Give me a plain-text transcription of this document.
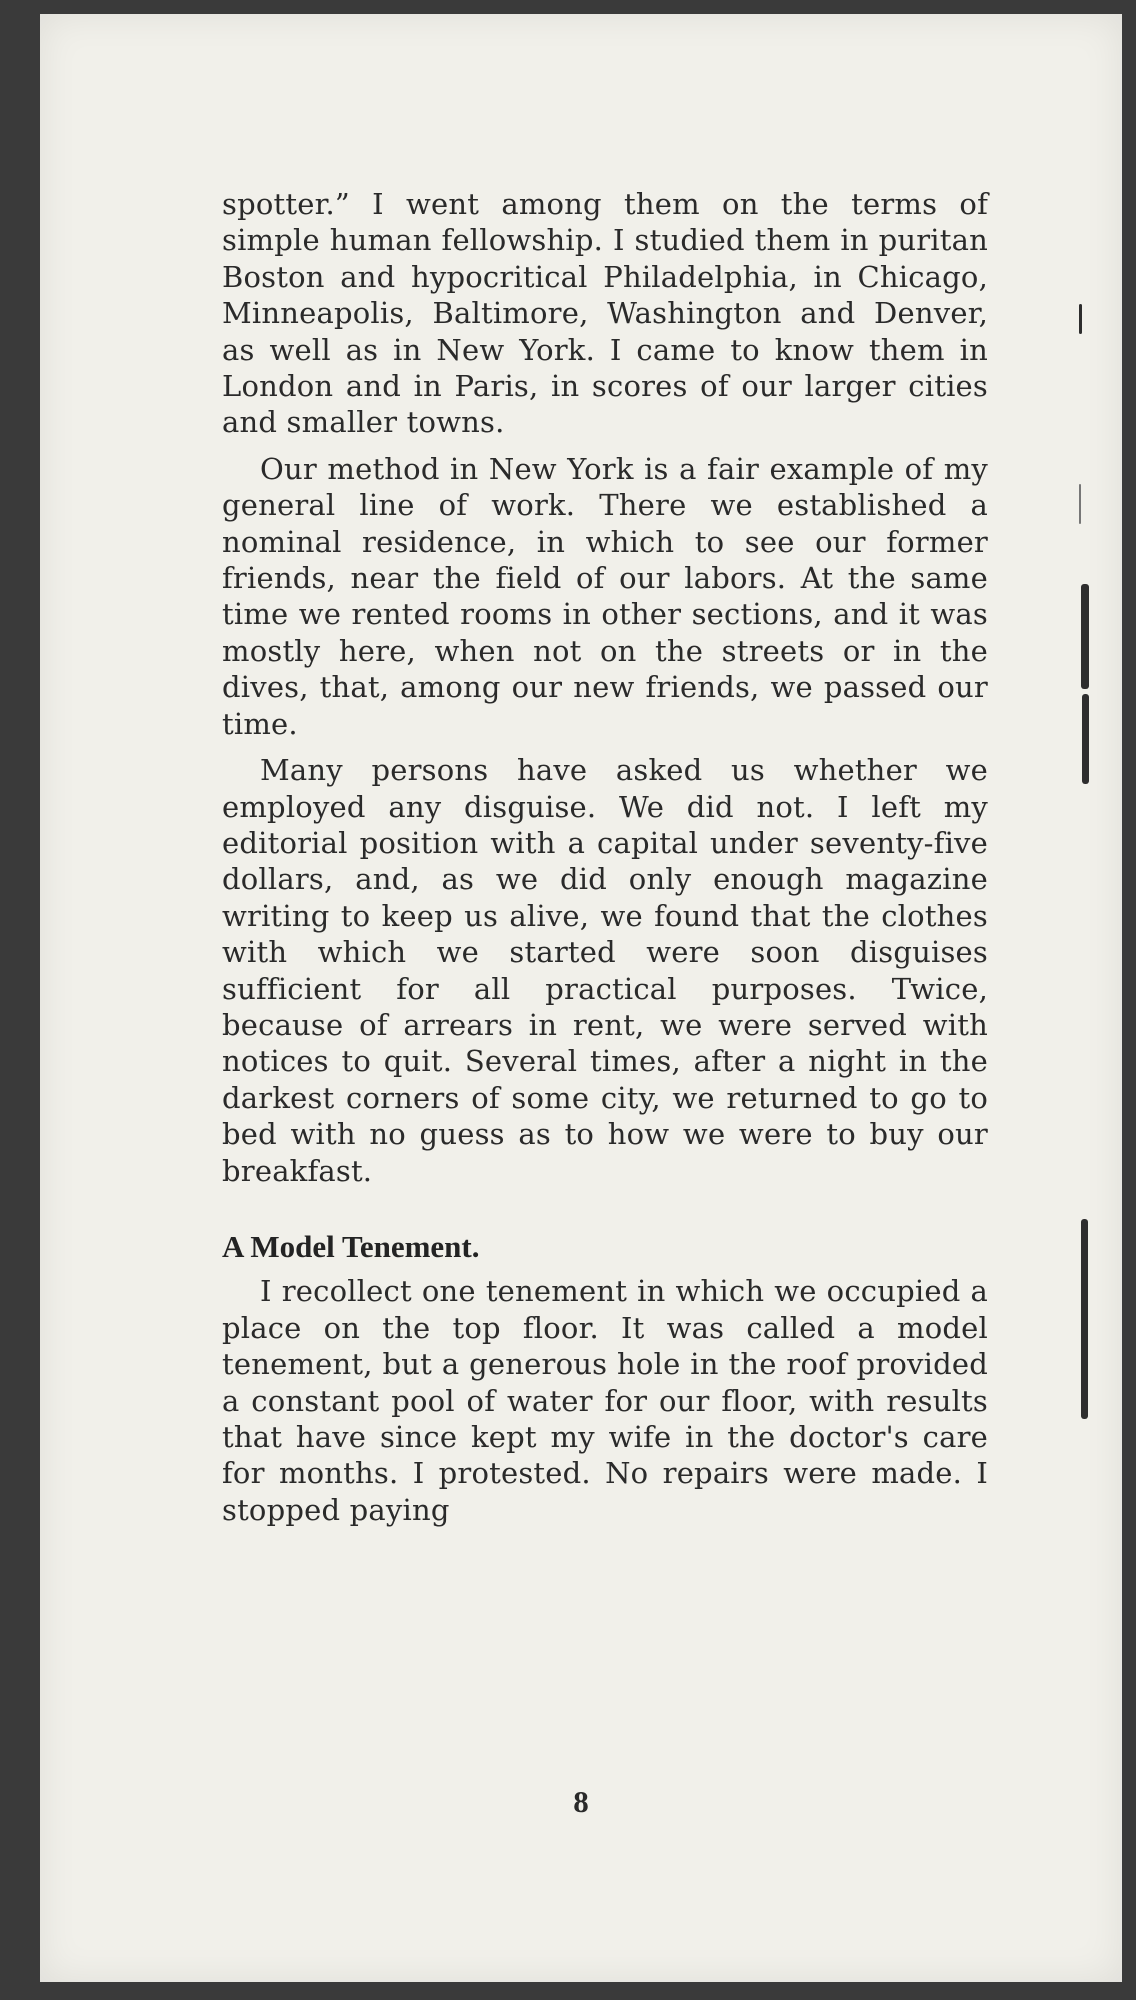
spotter.” I went among them on the terms of simple human fellowship. I studied them in puritan Boston and hypocritical Philadelphia, in Chicago, Minneapolis, Baltimore, Washington and Denver, as well as in New York. I came to know them in London and in Paris, in scores of our larger cities and smaller towns.

Our method in New York is a fair example of my general line of work. There we established a nominal residence, in which to see our former friends, near the field of our labors. At the same time we rented rooms in other sections, and it was mostly here, when not on the streets or in the dives, that, among our new friends, we passed our time.

Many persons have asked us whether we employed any disguise. We did not. I left my editorial position with a capital under seventy-five dollars, and, as we did only enough magazine writing to keep us alive, we found that the clothes with which we started were soon disguises sufficient for all practical purposes. Twice, because of arrears in rent, we were served with notices to quit. Several times, after a night in the darkest corners of some city, we returned to go to bed with no guess as to how we were to buy our breakfast.

A Model Tenement.

I recollect one tenement in which we occupied a place on the top floor. It was called a model tenement, but a generous hole in the roof provided a constant pool of water for our floor, with results that have since kept my wife in the doctor's care for months. I protested. No repairs were made. I stopped paying

8
